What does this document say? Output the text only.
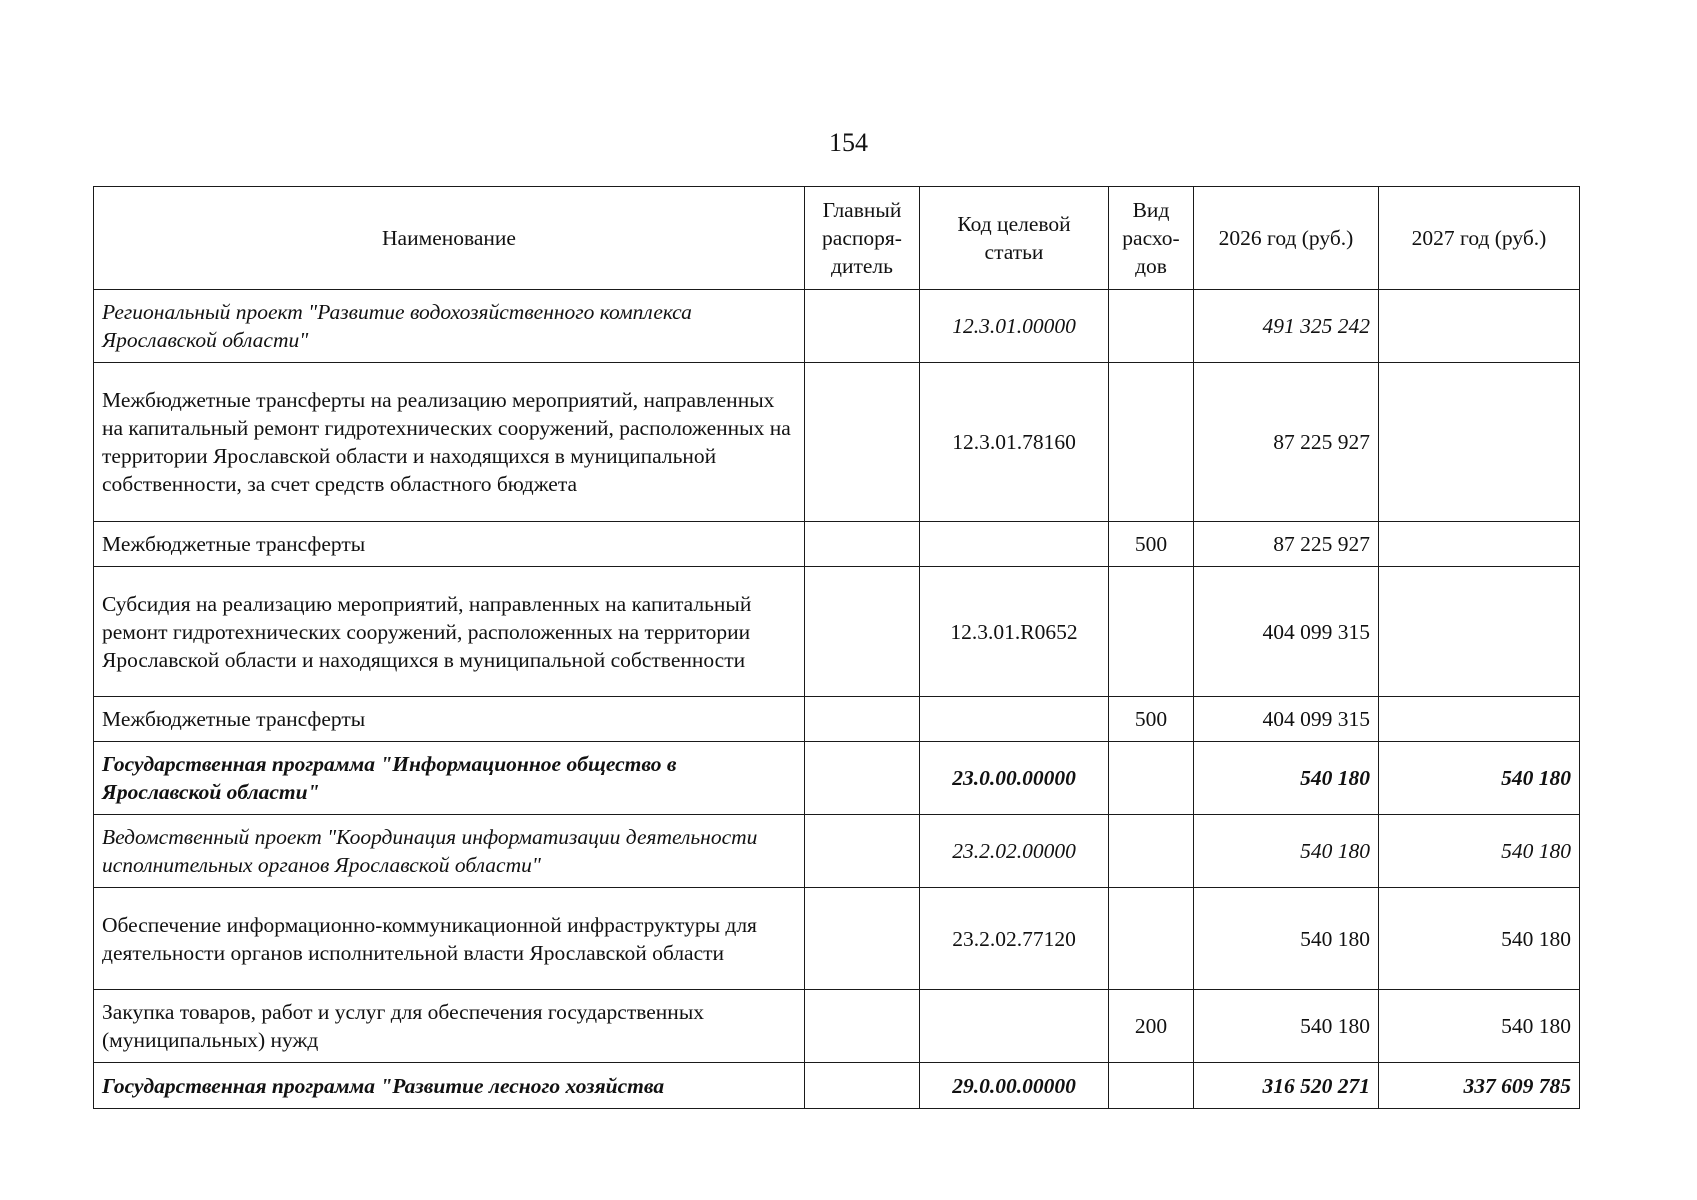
154
Наименование	Главный распоря-дитель	Код целевой статьи	Вид расхо-дов	2026 год (руб.)	2027 год (руб.)
Региональный проект "Развитие водохозяйственного комплекса Ярославской области"		12.3.01.00000		491 325 242	
Межбюджетные трансферты на реализацию мероприятий, направленных на капитальный ремонт гидротехнических сооружений, расположенных на территории Ярославской области и находящихся в муниципальной собственности, за счет средств областного бюджета		12.3.01.78160		87 225 927	
Межбюджетные трансферты			500	87 225 927	
Субсидия на реализацию мероприятий, направленных на капитальный ремонт гидротехнических сооружений, расположенных на территории Ярославской области и находящихся в муниципальной собственности		12.3.01.R0652		404 099 315	
Межбюджетные трансферты			500	404 099 315	
Государственная программа "Информационное общество в Ярославской области"		23.0.00.00000		540 180	540 180
Ведомственный проект "Координация информатизации деятельности исполнительных органов Ярославской области"		23.2.02.00000		540 180	540 180
Обеспечение информационно-коммуникационной инфраструктуры для деятельности органов исполнительной власти Ярославской области		23.2.02.77120		540 180	540 180
Закупка товаров, работ и услуг для обеспечения государственных (муниципальных) нужд			200	540 180	540 180
Государственная программа "Развитие лесного хозяйства		29.0.00.00000		316 520 271	337 609 785
